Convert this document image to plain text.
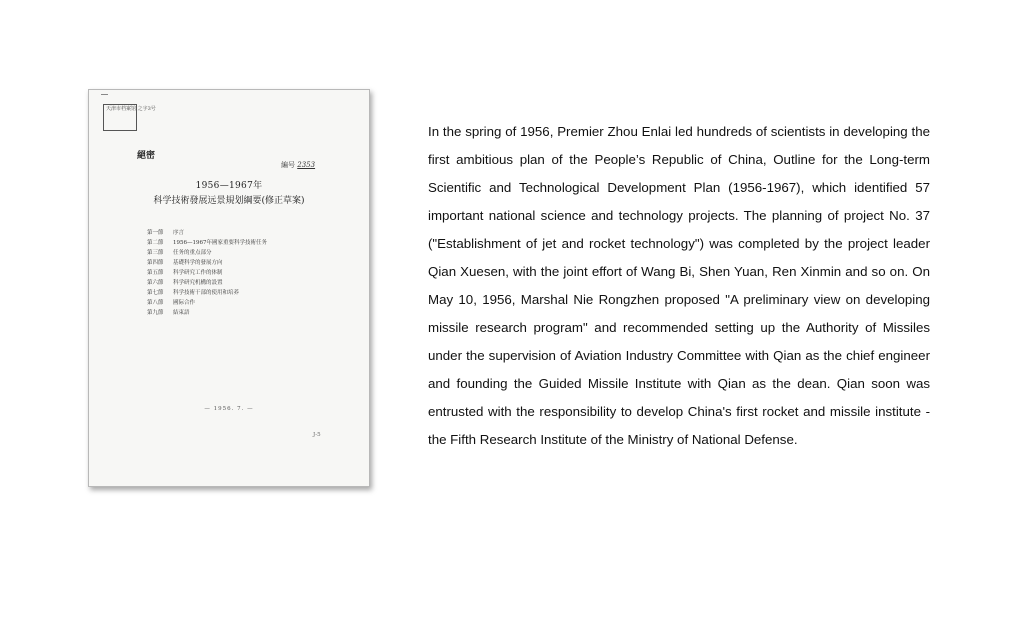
天津市档案馆 之字3号
絕密
編号 2353
1956—1967年
科学技術發展远景規划綱要(修正草案)
第一節 序言
第二節 1956—1967年國家重要科学技術任务
第三節 任务的重点部分
第四節 基礎科学的發展方向
第五節 科学研究工作的体制
第六節 科学研究机構的設置
第七節 科学技術干部的使用和培养
第八節 國际合作
第九節 結束語
— 1956. 7. —
J-5

In the spring of 1956, Premier Zhou Enlai led hundreds of scientists in developing the first ambitious plan of the People’s Republic of China, Outline for the Long-term Scientific and Technological Development Plan (1956-1967), which identified 57 important national science and technology projects. The planning of project No. 37 ("Establishment of jet and rocket technology") was completed by the project leader Qian Xuesen, with the joint effort of Wang Bi, Shen Yuan, Ren Xinmin and so on. On May 10, 1956, Marshal Nie Rongzhen proposed "A preliminary view on developing missile research program" and recommended setting up the Authority of Missiles under the supervision of Aviation Industry Committee with Qian as the chief engineer and founding the Guided Missile Institute with Qian as the dean. Qian soon was entrusted with the responsibility to develop China's first rocket and missile institute - the Fifth Research Institute of the Ministry of National Defense.
